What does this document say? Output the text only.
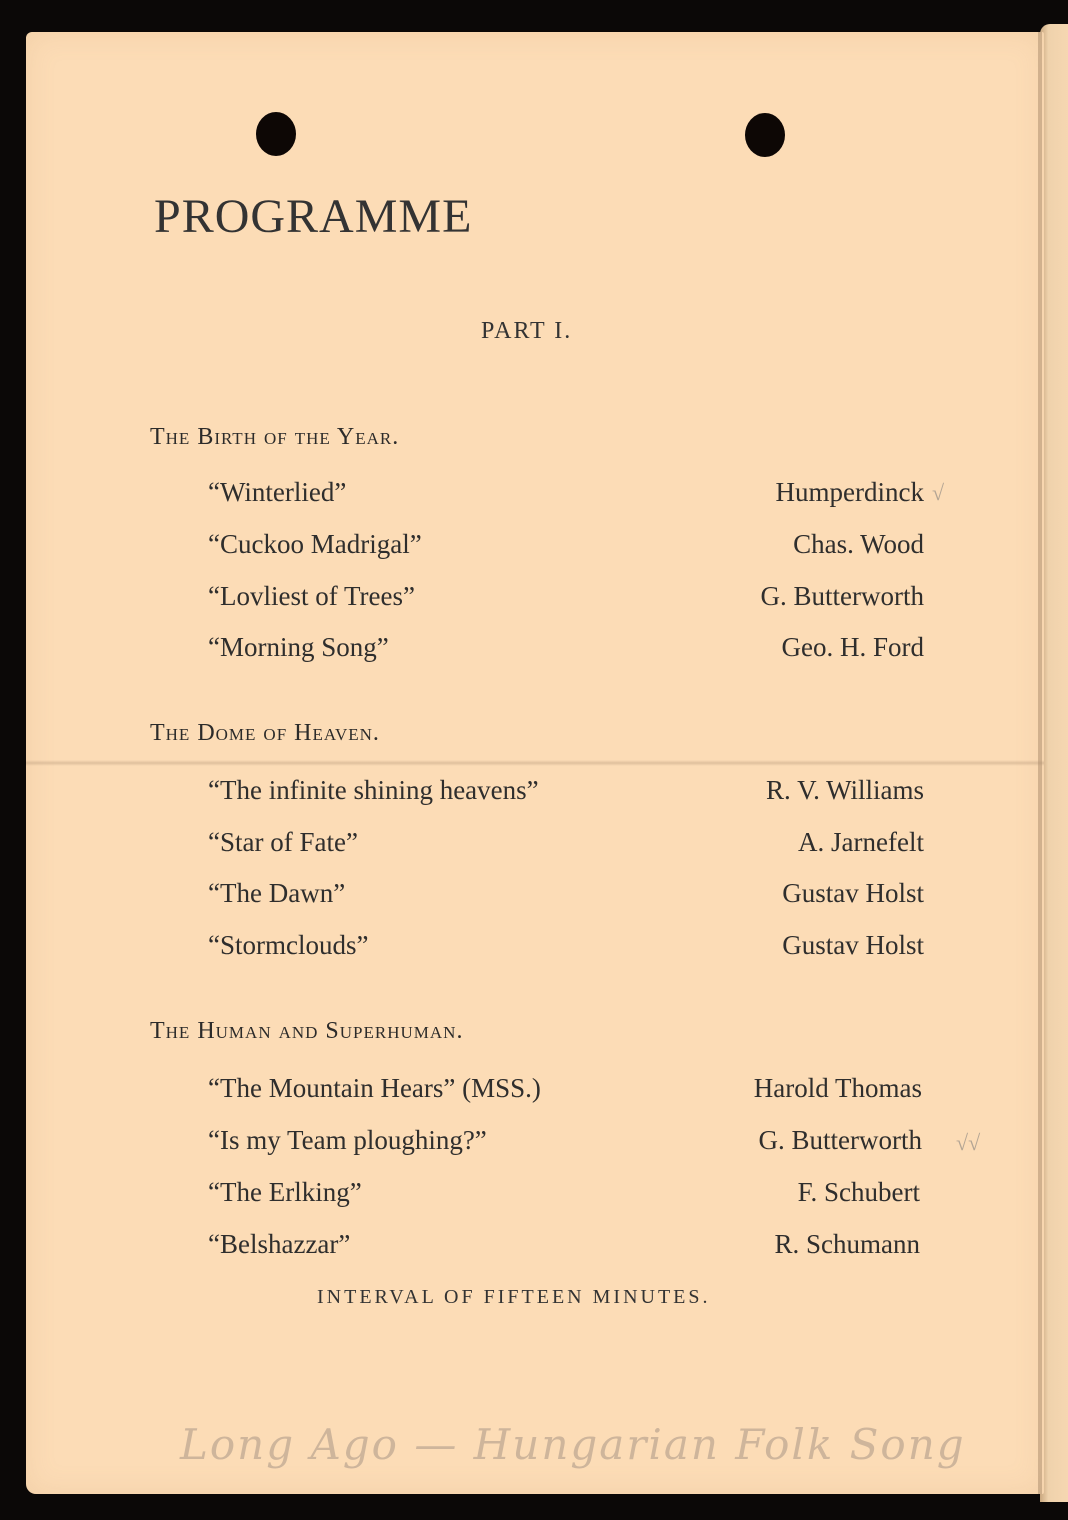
PROGRAMME
PART I.
The Birth of the Year.
“Winterlied”	Humperdinck
“Cuckoo Madrigal”	Chas. Wood
“Lovliest of Trees”	G. Butterworth
“Morning Song”	Geo. H. Ford
The Dome of Heaven.
“The infinite shining heavens”	R. V. Williams
“Star of Fate”	A. Jarnefelt
“The Dawn”	Gustav Holst
“Stormclouds”	Gustav Holst
The Human and Superhuman.
“The Mountain Hears” (MSS.)	Harold Thomas
“Is my Team ploughing?”	G. Butterworth
“The Erlking”	F. Schubert
“Belshazzar”	R. Schumann
INTERVAL OF FIFTEEN MINUTES.
√
√√
Long Ago — Hungarian Folk Song
